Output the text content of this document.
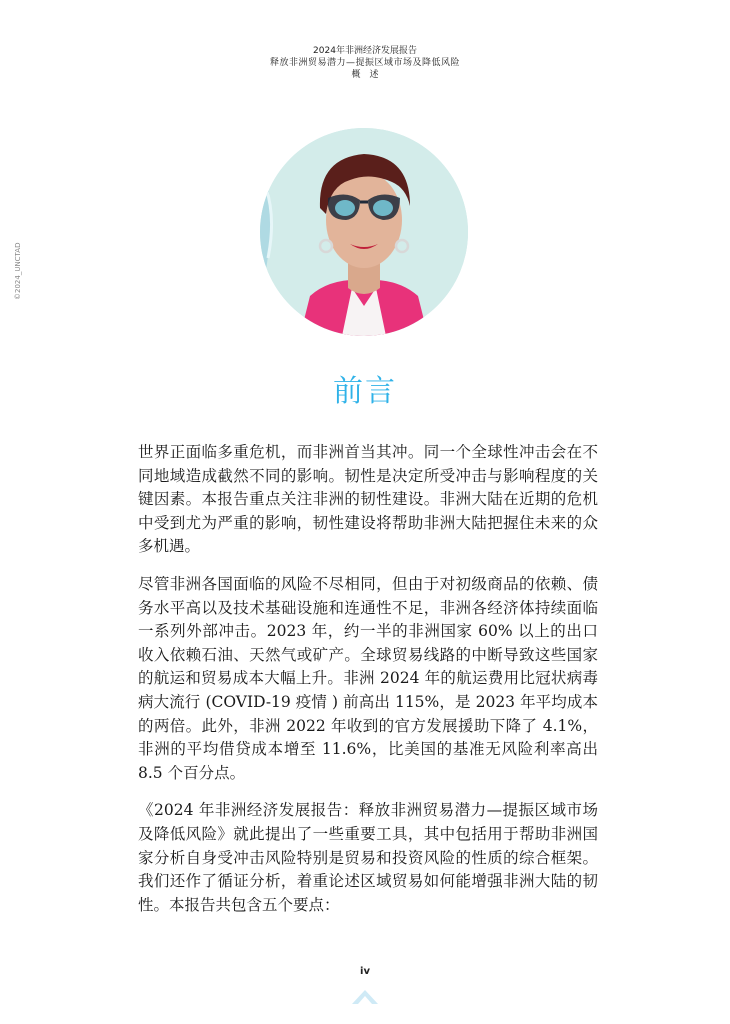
2024年非洲经济发展报告
释放非洲贸易潜力—提振区域市场及降低风险
概　述
©2024_UNCTAD
前言

世界正面临多重危机，而非洲首当其冲。同一个全球性冲击会在不同地域造成截然不同的影响。韧性是决定所受冲击与影响程度的关键因素。本报告重点关注非洲的韧性建设。非洲大陆在近期的危机中受到尤为严重的影响，韧性建设将帮助非洲大陆把握住未来的众多机遇。

尽管非洲各国面临的风险不尽相同，但由于对初级商品的依赖、债务水平高以及技术基础设施和连通性不足，非洲各经济体持续面临一系列外部冲击。2023 年，约一半的非洲国家 60% 以上的出口收入依赖石油、天然气或矿产。全球贸易线路的中断导致这些国家的航运和贸易成本大幅上升。非洲 2024 年的航运费用比冠状病毒病大流行 (COVID-19 疫情 ) 前高出 115%，是 2023 年平均成本的两倍。此外，非洲 2022 年收到的官方发展援助下降了 4.1%，非洲的平均借贷成本增至 11.6%，比美国的基准无风险利率高出 8.5 个百分点。

《2024 年非洲经济发展报告：释放非洲贸易潜力—提振区域市场及降低风险》就此提出了一些重要工具，其中包括用于帮助非洲国家分析自身受冲击风险特别是贸易和投资风险的性质的综合框架。我们还作了循证分析，着重论述区域贸易如何能增强非洲大陆的韧性。本报告共包含五个要点：

iv
